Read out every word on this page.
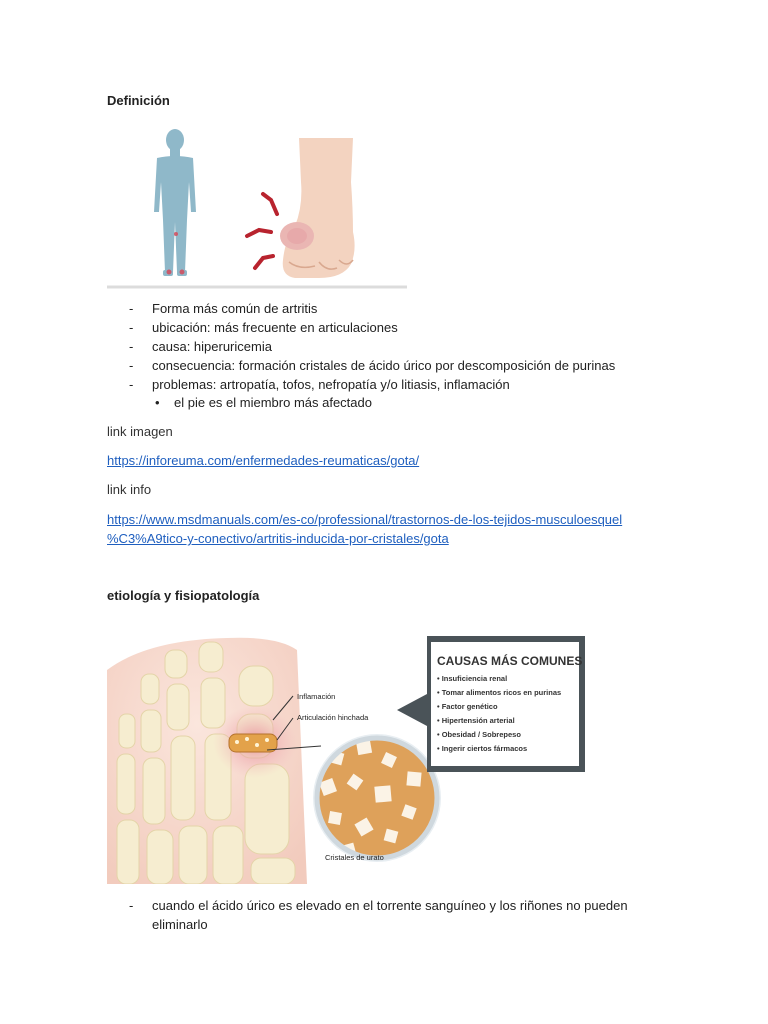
Definición
- Forma más común de artritis
- ubicación: más frecuente en articulaciones
- causa: hiperuricemia
- consecuencia: formación cristales de ácido úrico por descomposición de purinas
- problemas: artropatía, tofos, nefropatía y/o litiasis, inflamación
• el pie es el miembro más afectado
link imagen
https://inforeuma.com/enfermedades-reumaticas/gota/
link info
https://www.msdmanuals.com/es-co/professional/trastornos-de-los-tejidos-musculoesquel
%C3%A9tico-y-conectivo/artritis-inducida-por-cristales/gota
etiología y fisiopatología
Inflamación
Articulación hinchada
Cristales de urato
CAUSAS MÁS COMUNES
• Insuficiencia renal
• Tomar alimentos ricos en purinas
• Factor genético
• Hipertensión arterial
• Obesidad / Sobrepeso
• Ingerir ciertos fármacos
- cuando el ácido úrico es elevado en el torrente sanguíneo y los riñones no pueden
eliminarlo
